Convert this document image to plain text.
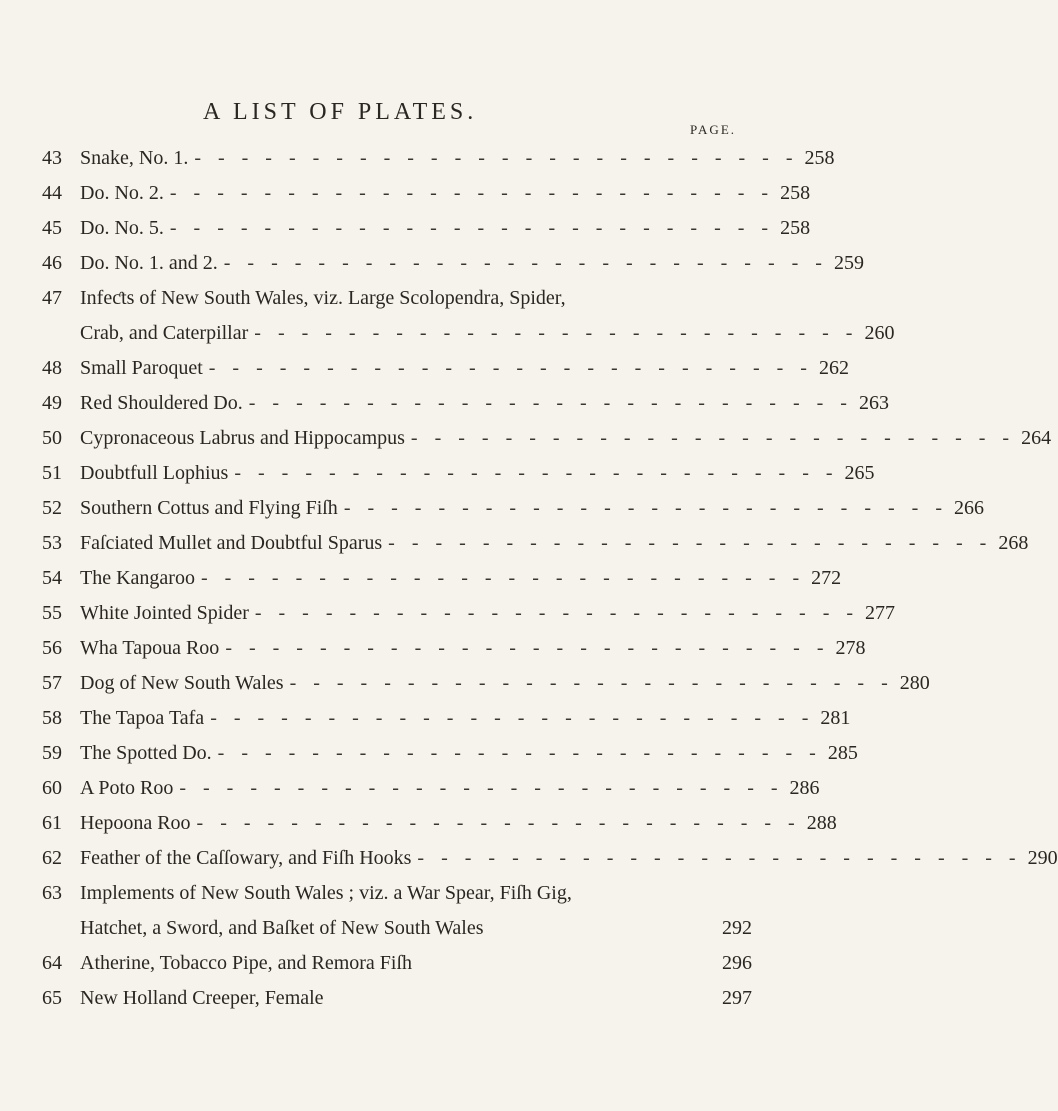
A LIST OF PLATES.
PAGE.
43 Snake, No. 1. - - - - - - - - - - - - - - - - - - - - - - - - - - 258
44 Do. No. 2. - - - - - - - - - - - - - - - - - - - - - - - - - - 258
45 Do. No. 5. - - - - - - - - - - - - - - - - - - - - - - - - - - 258
46 Do. No. 1. and 2. - - - - - - - - - - - - - - - - - - - - - - - - - - 259
47 Infeƈts of New South Wales, viz. Large Scolopendra, Spider,
Crab, and Caterpillar - - - - - - - - - - - - - - - - - - - - - - - - - - 260
48 Small Paroquet - - - - - - - - - - - - - - - - - - - - - - - - - - 262
49 Red Shouldered Do. - - - - - - - - - - - - - - - - - - - - - - - - - - 263
50 Cypronaceous Labrus and Hippocampus - - - - - - - - - - - - - - - - - - - - - - - - - - 264
51 Doubtfull Lophius - - - - - - - - - - - - - - - - - - - - - - - - - - 265
52 Southern Cottus and Flying Fiſh - - - - - - - - - - - - - - - - - - - - - - - - - - 266
53 Faſciated Mullet and Doubtful Sparus - - - - - - - - - - - - - - - - - - - - - - - - - - 268
54 The Kangaroo - - - - - - - - - - - - - - - - - - - - - - - - - - 272
55 White Jointed Spider - - - - - - - - - - - - - - - - - - - - - - - - - - 277
56 Wha Tapoua Roo - - - - - - - - - - - - - - - - - - - - - - - - - - 278
57 Dog of New South Wales - - - - - - - - - - - - - - - - - - - - - - - - - - 280
58 The Tapoa Tafa - - - - - - - - - - - - - - - - - - - - - - - - - - 281
59 The Spotted Do. - - - - - - - - - - - - - - - - - - - - - - - - - - 285
60 A Poto Roo - - - - - - - - - - - - - - - - - - - - - - - - - - 286
61 Hepoona Roo - - - - - - - - - - - - - - - - - - - - - - - - - - 288
62 Feather of the Caſſowary, and Fiſh Hooks - - - - - - - - - - - - - - - - - - - - - - - - - - 290
63 Implements of New South Wales ; viz. a War Spear, Fiſh Gig,
Hatchet, a Sword, and Baſket of New South Wales	292
64 Atherine, Tobacco Pipe, and Remora Fiſh	296
65 New Holland Creeper, Female	297
